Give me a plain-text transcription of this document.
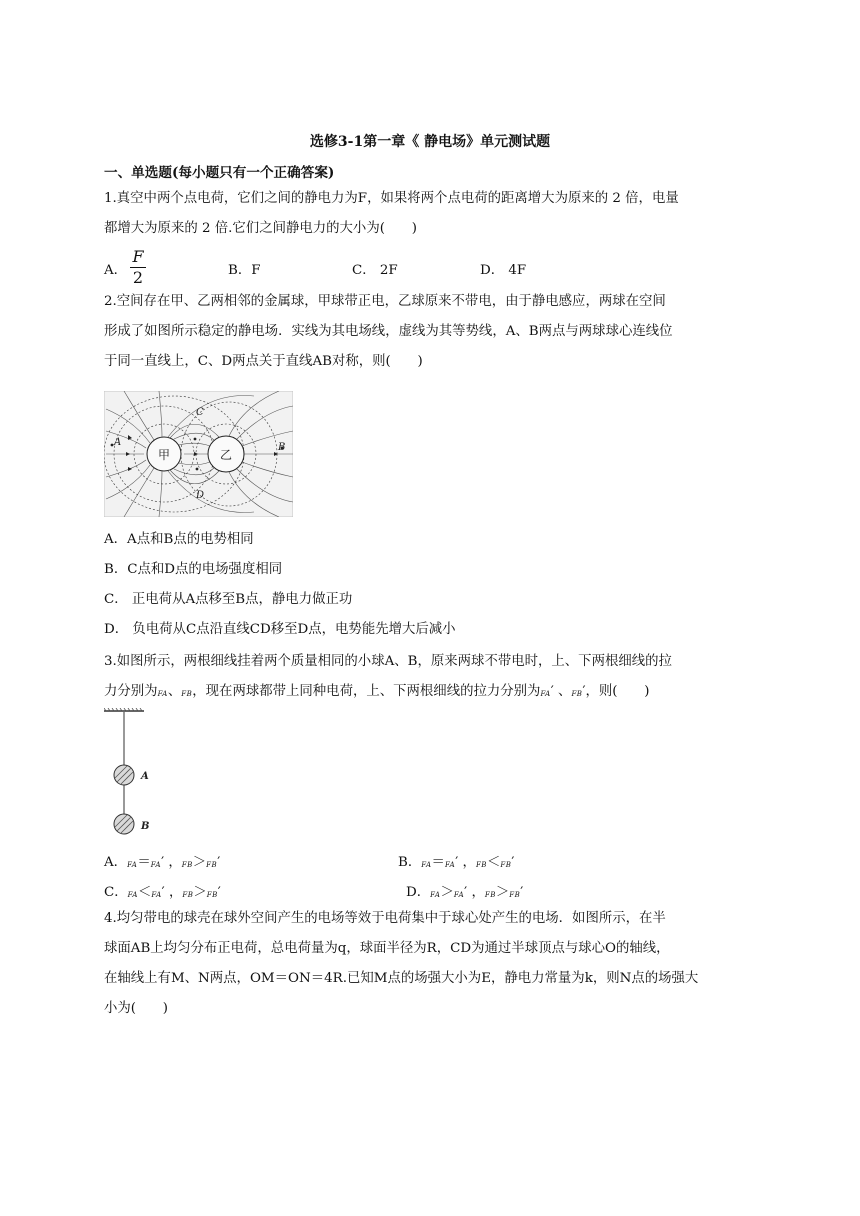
选修3-1第一章《 静电场》单元测试题
一、单选题(每小题只有一个正确答案)

1.真空中两个点电荷，它们之间的静电力为F，如果将两个点电荷的距离增大为原来的 2 倍，电量

都增大为原来的 2 倍.它们之间静电力的大小为(　　)

A．	B．F	C． 2F	D． 4F
F
2

2.空间存在甲、乙两相邻的金属球，甲球带正电，乙球原来不带电，由于静电感应，两球在空间

形成了如图所示稳定的静电场．实线为其电场线，虚线为其等势线，A、B两点与两球球心连线位

于同一直线上，C、D两点关于直线AB对称，则(　　)

甲	乙
A	B
C
D

A．A点和B点的电势相同

B．C点和D点的电场强度相同

C． 正电荷从A点移至B点，静电力做正功

D． 负电荷从C点沿直线CD移至D点，电势能先增大后减小

3.如图所示，两根细线挂着两个质量相同的小球A、B，原来两球不带电时，上、下两根细线的拉

力分别为FA、FB，现在两球都带上同种电荷，上、下两根细线的拉力分别为FA′ 、FB′，则(　　)

A
B
A．FA＝FA′ ，FB＞FB′	B．FA＝FA′ ，FB＜FB′
C．FA＜FA′ ，FB＞FB′	D．FA＞FA′ ，FB＞FB′

4.均匀带电的球壳在球外空间产生的电场等效于电荷集中于球心处产生的电场．如图所示，在半

球面AB上均匀分布正电荷，总电荷量为q，球面半径为R，CD为通过半球顶点与球心O的轴线，

在轴线上有M、N两点，OM＝ON＝4R.已知M点的场强大小为E，静电力常量为k，则N点的场强大

小为(　　)
